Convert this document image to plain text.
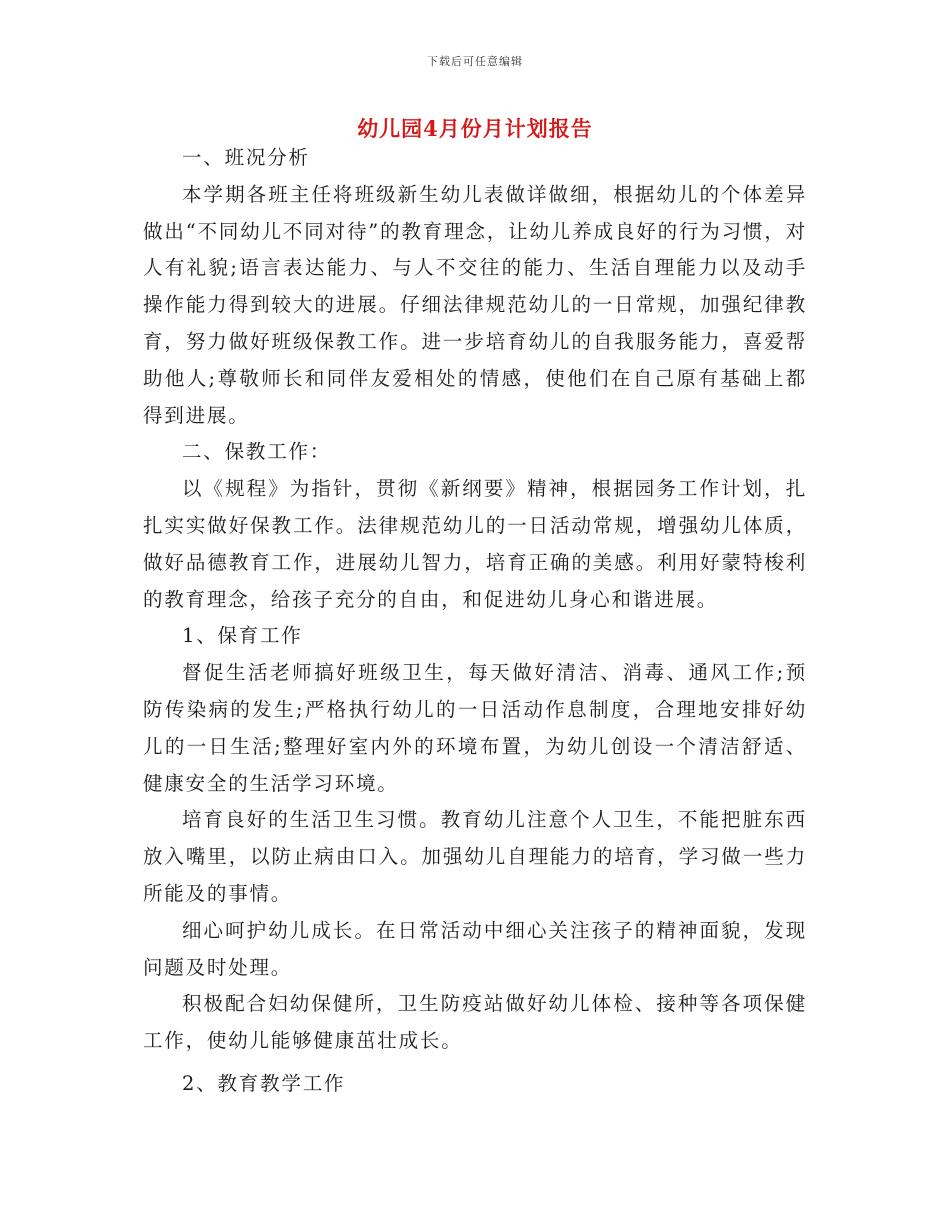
下载后可任意编辑
幼儿园4月份月计划报告

一、班况分析

本学期各班主任将班级新生幼儿表做详做细，根据幼儿的个体差异做出“不同幼儿不同对待”的教育理念，让幼儿养成良好的行为习惯，对人有礼貌;语言表达能力、与人不交往的能力、生活自理能力以及动手操作能力得到较大的进展。仔细法律规范幼儿的一日常规，加强纪律教育，努力做好班级保教工作。进一步培育幼儿的自我服务能力，喜爱帮助他人;尊敬师长和同伴友爱相处的情感，使他们在自己原有基础上都得到进展。

二、保教工作：

以《规程》为指针，贯彻《新纲要》精神，根据园务工作计划，扎扎实实做好保教工作。法律规范幼儿的一日活动常规，增强幼儿体质，做好品德教育工作，进展幼儿智力，培育正确的美感。利用好蒙特梭利的教育理念，给孩子充分的自由，和促进幼儿身心和谐进展。

1、保育工作

督促生活老师搞好班级卫生，每天做好清洁、消毒、通风工作;预防传染病的发生;严格执行幼儿的一日活动作息制度，合理地安排好幼儿的一日生活;整理好室内外的环境布置，为幼儿创设一个清洁舒适、健康安全的生活学习环境。

培育良好的生活卫生习惯。教育幼儿注意个人卫生，不能把脏东西放入嘴里，以防止病由口入。加强幼儿自理能力的培育，学习做一些力所能及的事情。

细心呵护幼儿成长。在日常活动中细心关注孩子的精神面貌，发现问题及时处理。

积极配合妇幼保健所，卫生防疫站做好幼儿体检、接种等各项保健工作，使幼儿能够健康茁壮成长。

2、教育教学工作
